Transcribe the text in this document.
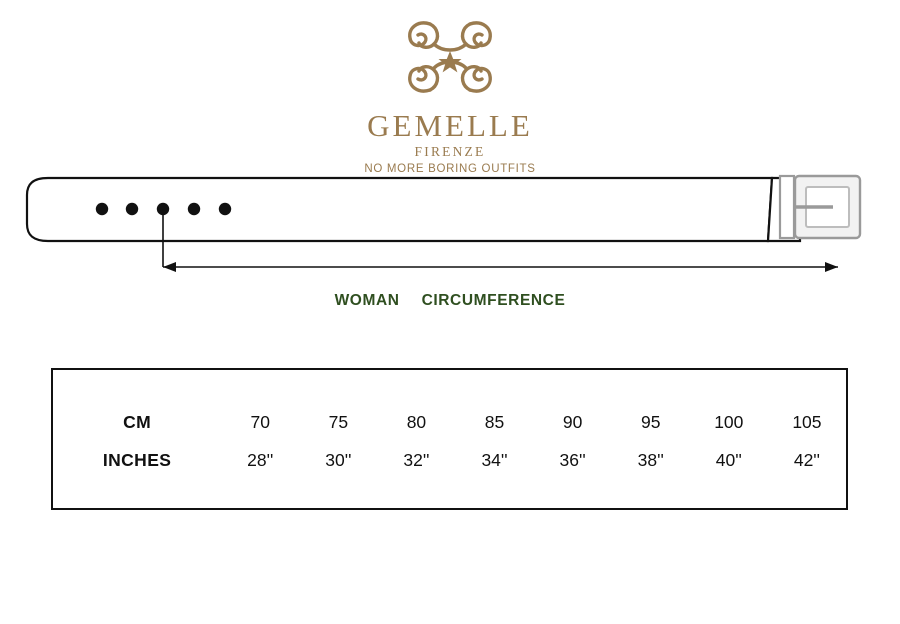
GEMELLE
FIRENZE
NO MORE BORING OUTFITS
WOMAN CIRCUMFERENCE

CM	70	75	80	85	90	95	100	105
INCHES	28''	30''	32''	34''	36''	38''	40''	42''
